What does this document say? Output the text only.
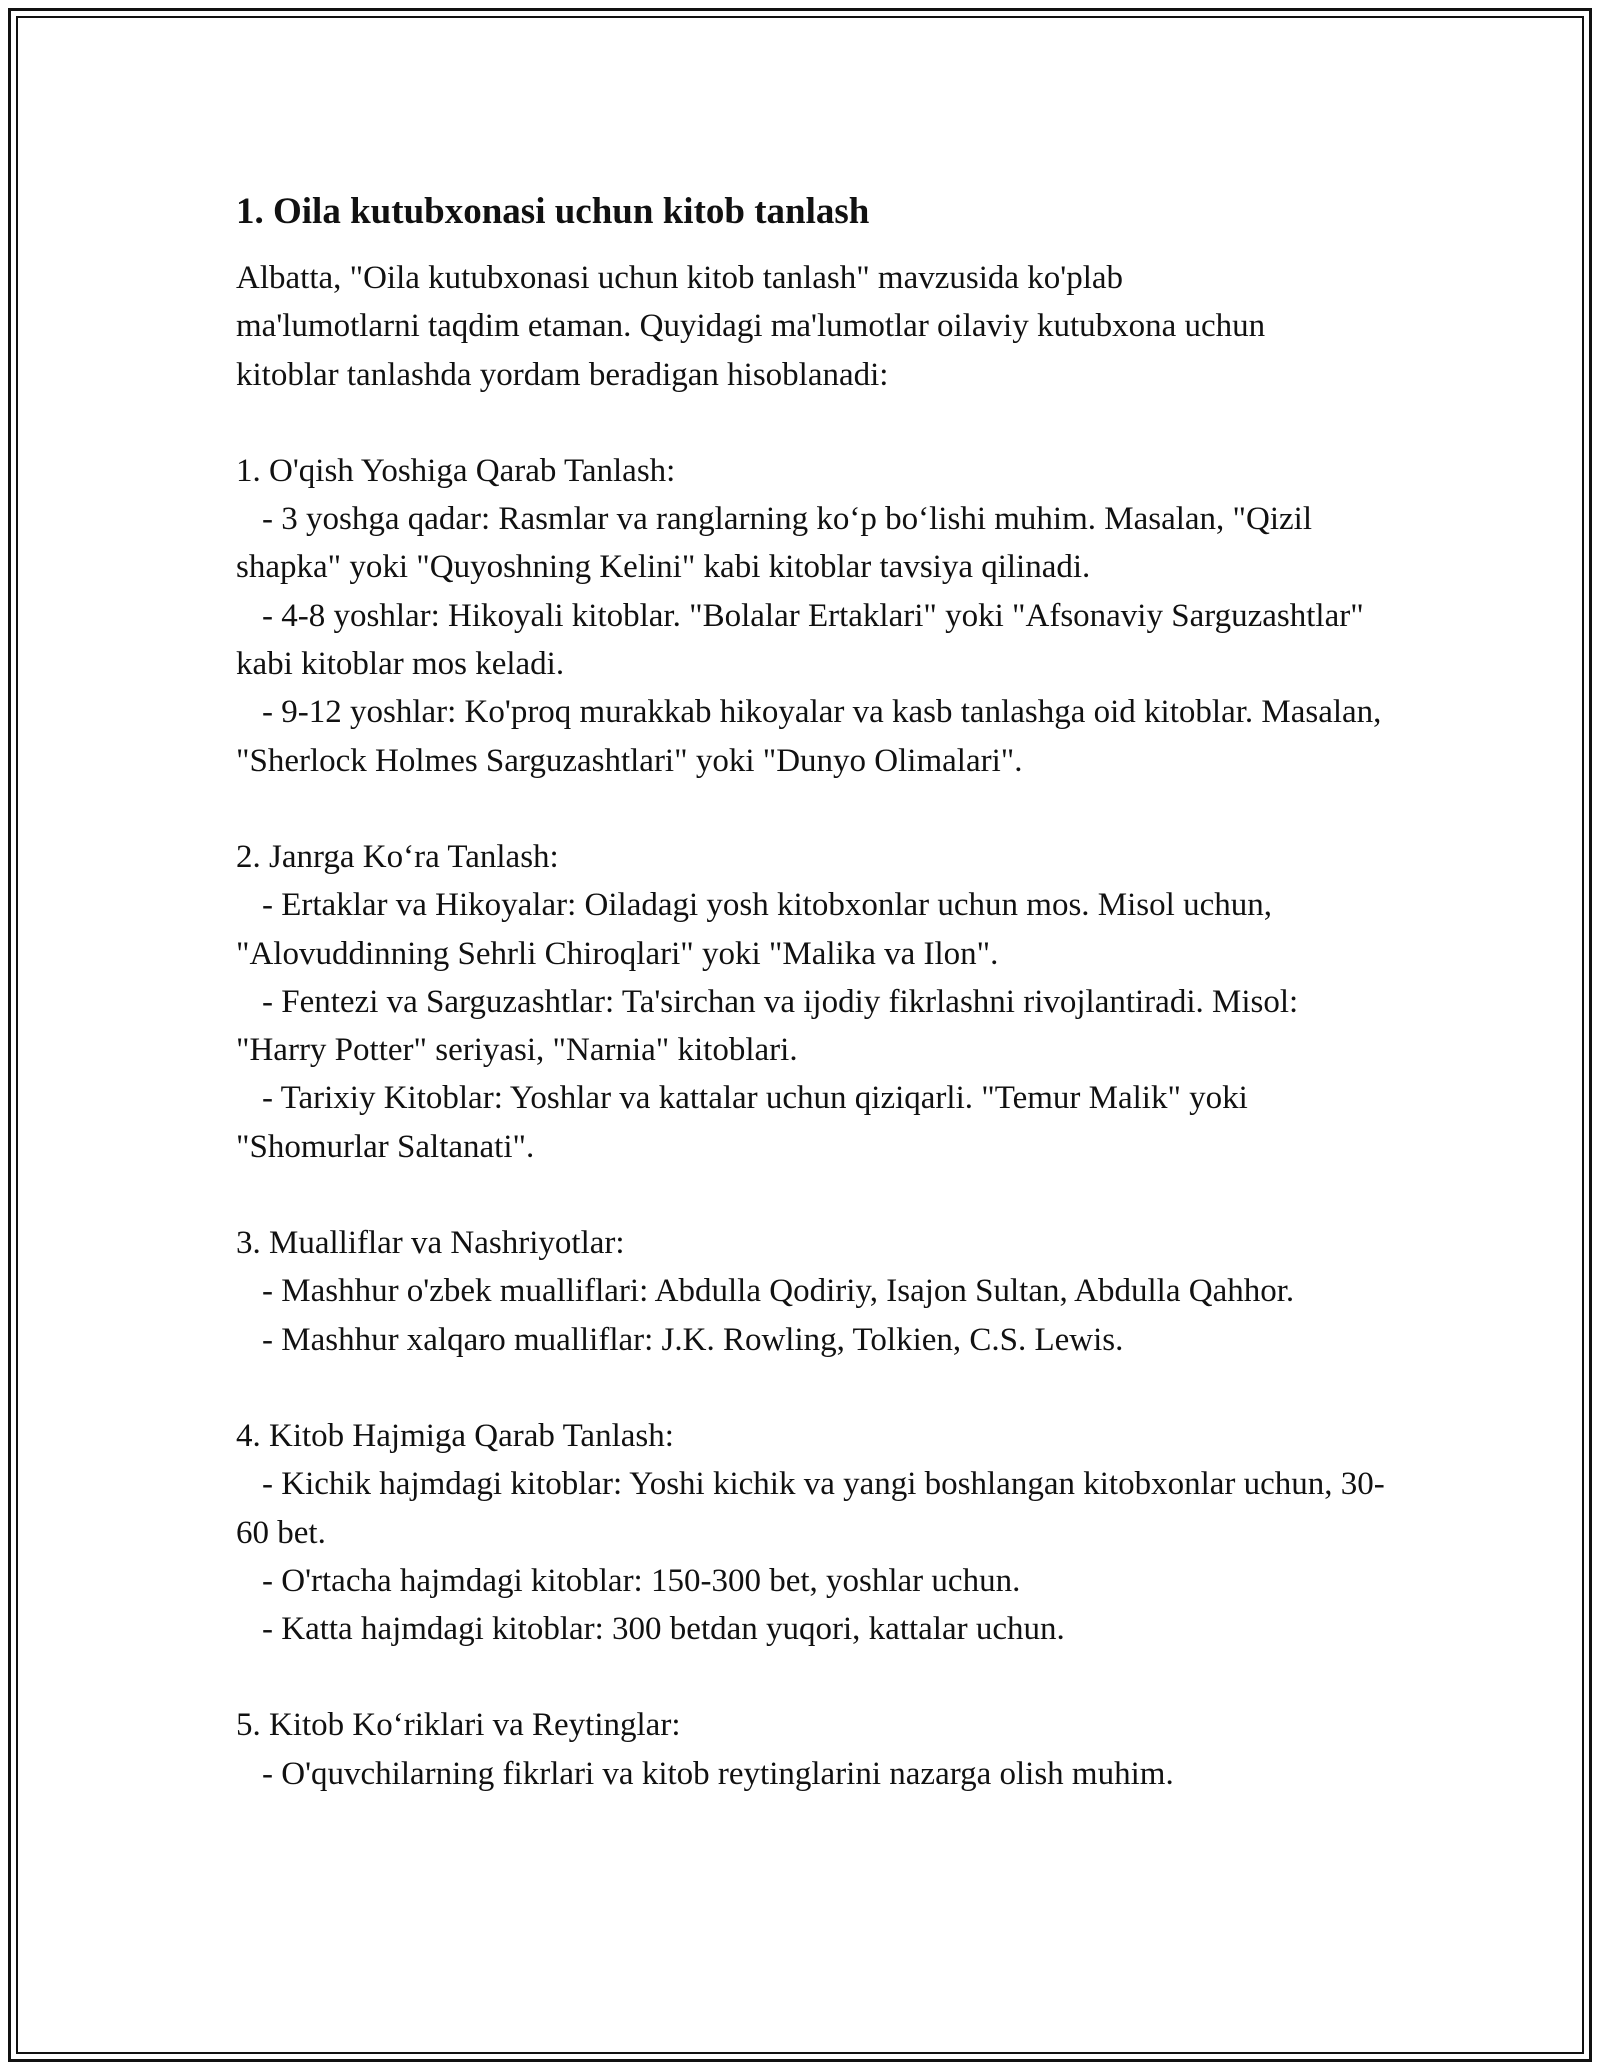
1. Oila kutubxonasi uchun kitob tanlash

Albatta, "Oila kutubxonasi uchun kitob tanlash" mavzusida ko'plab ma'lumotlarni taqdim etaman. Quyidagi ma'lumotlar oilaviy kutubxona uchun kitoblar tanlashda yordam beradigan hisoblanadi:

1. O'qish Yoshiga Qarab Tanlash:

- 3 yoshga qadar: Rasmlar va ranglarning ko‘p bo‘lishi muhim. Masalan, "Qizil shapka" yoki "Quyoshning Kelini" kabi kitoblar tavsiya qilinadi.

- 4-8 yoshlar: Hikoyali kitoblar. "Bolalar Ertaklari" yoki "Afsonaviy Sarguzashtlar" kabi kitoblar mos keladi.

- 9-12 yoshlar: Ko'proq murakkab hikoyalar va kasb tanlashga oid kitoblar. Masalan, "Sherlock Holmes Sarguzashtlari" yoki "Dunyo Olimalari".

2. Janrga Ko‘ra Tanlash:

- Ertaklar va Hikoyalar: Oiladagi yosh kitobxonlar uchun mos. Misol uchun, "Alovuddinning Sehrli Chiroqlari" yoki "Malika va Ilon".

- Fentezi va Sarguzashtlar: Ta'sirchan va ijodiy fikrlashni rivojlantiradi. Misol: "Harry Potter" seriyasi, "Narnia" kitoblari.

- Tarixiy Kitoblar: Yoshlar va kattalar uchun qiziqarli. "Temur Malik" yoki "Shomurlar Saltanati".

3. Mualliflar va Nashriyotlar:

- Mashhur o'zbek mualliflari: Abdulla Qodiriy, Isajon Sultan, Abdulla Qahhor.

- Mashhur xalqaro mualliflar: J.K. Rowling, Tolkien, C.S. Lewis.

4. Kitob Hajmiga Qarab Tanlash:

- Kichik hajmdagi kitoblar: Yoshi kichik va yangi boshlangan kitobxonlar uchun, 30-60 bet.

- O'rtacha hajmdagi kitoblar: 150-300 bet, yoshlar uchun.

- Katta hajmdagi kitoblar: 300 betdan yuqori, kattalar uchun.

5. Kitob Ko‘riklari va Reytinglar:

- O'quvchilarning fikrlari va kitob reytinglarini nazarga olish muhim.
